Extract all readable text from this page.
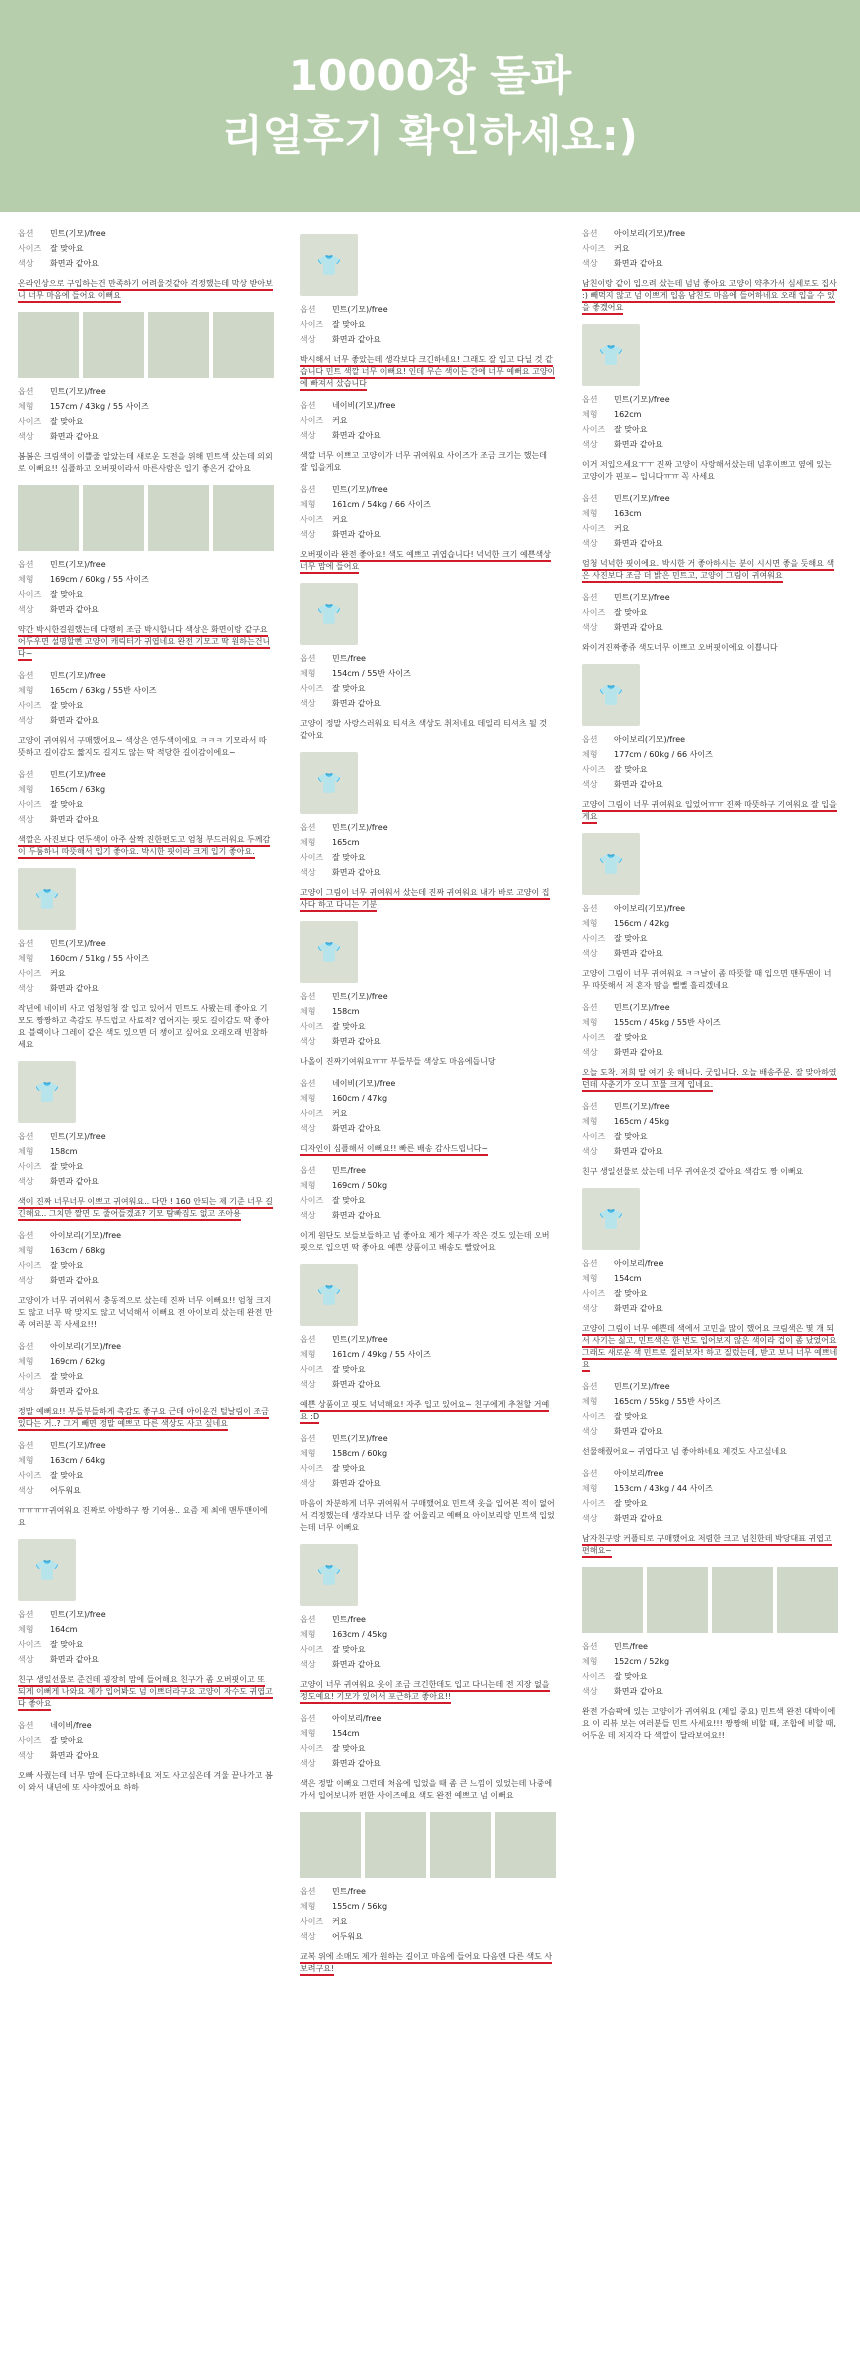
10000장 돌파
리얼후기 확인하세요:)
옵션	민트(기모)/free
사이즈	잘 맞아요
색상	화면과 같아요
온라인상으로 구입하는건 만족하기 어려울것같아 걱정했는데 막상 받아보니 너무 마음에 들어요 이뻐요
옵션	민트(기모)/free
체형	157cm / 43kg / 55 사이즈
사이즈	잘 맞아요
색상	화면과 같아요
봄봄은 크림색이 이쁠줄 알았는데 새로운 도전을 위해 민트색 샀는데 의외로 이뻐요!! 심플하고 오버핏이라서 마른사람은 입기 좋은거 같아요
옵션	민트(기모)/free
체형	169cm / 60kg / 55 사이즈
사이즈	잘 맞아요
색상	화면과 같아요
약간 박시한걸원했는데 다행히 조금 박시합니다 색상은 화면이랑 같구요 어두우면 설명할뻔 고양이 캐릭터가 귀엽네요 완전 기모고 딱 원하는건니다~
옵션	민트(기모)/free
체형	165cm / 63kg / 55반 사이즈
사이즈	잘 맞아요
색상	화면과 같아요
고양이 귀여워서 구매했어요~ 색상은 연두색이에요 ㅋㅋㅋ 기모라서 따뜻하고 길이감도 짧지도 길지도 않는 딱 적당한 길이감이에요~
옵션	민트(기모)/free
체형	165cm / 63kg
사이즈	잘 맞아요
색상	화면과 같아요
색깔은 사진보다 연두색이 아주 살짝 진한편도고 엄청 부드러워요 두께감이 두툼하니 따뜻해서 입기 좋아요. 박시한 핏이라 크게 입기 좋아요.
👕
옵션	민트(기모)/free
체형	160cm / 51kg / 55 사이즈
사이즈	커요
색상	화면과 같아요
작년에 네이비 사고 엄청엄청 잘 입고 있어서 민트도 사봤는데 좋아요 기모도 짱짱하고 촉감도 부드럽고 사료적? 엽어지는 핏도 길이감도 딱 좋아요 블랙이나 그레이 같은 색도 있으면 더 챙이고 싶어요 오래오래 빈참하세요
👕
옵션	민트(기모)/free
체형	158cm
사이즈	잘 맞아요
색상	화면과 같아요
색이 진짜 너무너무 이쁘고 귀여워요.. 다만 ! 160 안되는 제 기준 너무 길긴해요.. 그치만 짤면 도 줄어들겠죠? 기모 탐빠짐도 없고 조아용
옵션	아이보리(기모)/free
체형	163cm / 68kg
사이즈	잘 맞아요
색상	화면과 같아요
고양이가 너무 귀여워서 충동적으로 샀는데 진짜 너무 이뻐요!! 엄청 크지도 않고 너무 딱 맞지도 않고 넉넉해서 이뻐요 전 아이보리 샀는데 완전 만족 여러분 꼭 사세요!!!
옵션	아이보리(기모)/free
체형	169cm / 62kg
사이즈	잘 맞아요
색상	화면과 같아요
정말 예뻐요!! 부들부들하게 촉감도 좋구요 근데 아이운건 털날림이 조금 있다는 거..? 그거 빼면 정말 예쁘고 다른 색상도 사고 싶네요
옵션	민트(기모)/free
체형	163cm / 64kg
사이즈	잘 맞아요
색상	어두워요
ㅠㅠㅠㅠ귀여워요 진짜로 아방하구 짱 기여용.. 요즘 제 최애 맨투맨이에요
👕
옵션	민트(기모)/free
체형	164cm
사이즈	잘 맞아요
색상	화면과 같아요
친구 생일선물로 준건데 굉장히 맘에 들어해요 친구가 좀 오버핏이고 또 되게 이뻐게 나와요 제가 입어봐도 넘 이쁘더라구요 고양이 자수도 귀엽고 다 좋아요
옵션	네이비/free
사이즈	잘 맞아요
색상	화면과 같아요
오빠 사줬는데 너무 맘에 든다고하네요 저도 사고싶은데 겨울 끝나가고 봄이 와서 내년에 또 사야겠어요 하하
👕
옵션	민트(기모)/free
사이즈	잘 맞아요
색상	화면과 같아요
박시해서 너무 좋았는데 생각보다 크긴하네요! 그래도 잘 입고 다닐 것 같습니다 민트 색깔 너무 이뻐요! 인데 무슨 색이든 간에 너무 예뻐요 고양이에 빠져서 샀습니다
옵션	네이비(기모)/free
사이즈	커요
색상	화면과 같아요
색깔 너무 이쁘고 고양이가 너무 귀여워요 사이즈가 조금 크기는 했는데 잘 입을게요
옵션	민트(기모)/free
체형	161cm / 54kg / 66 사이즈
사이즈	커요
색상	화면과 같아요
오버핏이라 완전 좋아요! 색도 예쁘고 귀엽습니다! 넉넉한 크기 예쁜색상 너무 맘에 들어요
👕
옵션	민트/free
체형	154cm / 55반 사이즈
사이즈	잘 맞아요
색상	화면과 같아요
고양이 정말 사랑스러워요 티셔츠 색상도 취저네요 데일리 티셔츠 될 것 같아요
👕
옵션	민트(기모)/free
체형	165cm
사이즈	잘 맞아요
색상	화면과 같아요
고양이 그림이 너무 귀여워서 샀는데 진짜 귀여워요 내가 바로 고양이 집사다 하고 다니는 기분
👕
옵션	민트(기모)/free
체형	158cm
사이즈	잘 맞아요
색상	화면과 같아요
나올이 진짜기여워요ㅠㅠ 부들부들 색상도 마음에듭니당
옵션	네이비(기모)/free
체형	160cm / 47kg
사이즈	커요
색상	화면과 같아요
디자인이 심플해서 이뻐요!! 빠른 배송 감사드립니다~
옵션	민트/free
체형	169cm / 50kg
사이즈	잘 맞아요
색상	화면과 같아요
이게 원단도 보들보들하고 넘 좋아요 제가 체구가 작은 것도 있는데 오버핏으로 입으면 딱 좋아요 예쁜 상품이고 배송도 빨랐어요
👕
옵션	민트(기모)/free
체형	161cm / 49kg / 55 사이즈
사이즈	잘 맞아요
색상	화면과 같아요
예쁜 상품이고 핏도 넉넉해요! 자주 입고 있어요~ 친구에게 추천할 거예요 :D
옵션	민트(기모)/free
체형	158cm / 60kg
사이즈	잘 맞아요
색상	화면과 같아요
마음이 차분하게 너무 귀여워서 구매했어요 민트색 옷을 입어본 적이 없어서 걱정했는데 생각보다 너무 잘 어울리고 예뻐요 아이보리랑 민트색 입었는데 너무 이뻐요
👕
옵션	민트/free
체형	163cm / 45kg
사이즈	잘 맞아요
색상	화면과 같아요
고양이 너무 귀여워요 옷이 조금 크긴한데도 입고 다니는데 전 지장 없을 정도예요! 기모가 있어서 포근하고 좋아요!!
옵션	아이보리/free
체형	154cm
사이즈	잘 맞아요
색상	화면과 같아요
색은 정말 이뻐요 그런데 처음에 입었을 때 좀 큰 느낌이 있었는데 나중에 가서 입어보니까 편한 사이즈예요 색도 완전 예쁘고 넘 이뻐요
옵션	민트/free
체형	155cm / 56kg
사이즈	커요
색상	어두워요
교복 위에 소매도 제가 원하는 길이고 마음에 들어요 다음엔 다른 색도 사보려구요!
옵션	아이보리(기모)/free
사이즈	커요
색상	화면과 같아요
남친이랑 같이 입으려 샀는데 넘넘 좋아요 고양이 약추가서 심세로도 집사 :) 빼먹지 않고 넘 이쁘게 입음 남친도 마음에 들어하네요 오래 입을 수 있을 좋겠어요
👕
옵션	민트(기모)/free
체형	162cm
사이즈	잘 맞아요
색상	화면과 같아요
이거 저입으세요ㅜㅜ 진짜 고양이 사랑해서샀는데 넘후이쁘고 옆에 있는 고양이가 핀포~ 입니다ㅠㅠ 꼭 사세요
옵션	민트(기모)/free
체형	163cm
사이즈	커요
색상	화면과 같아요
엄청 넉넉한 핏이에요. 박시한 거 좋아하시는 분이 시시면 좋을 듯해요 색은 사진보다 조금 더 밝은 민트고, 고양이 그림이 귀여워요
옵션	민트(기모)/free
사이즈	잘 맞아요
색상	화면과 같아요
와이겨진짜좋쥬 색도너무 이쁘고 오버핏이에요 이쁩니다
👕
옵션	아이보리(기모)/free
체형	177cm / 60kg / 66 사이즈
사이즈	잘 맞아요
색상	화면과 같아요
고양이 그림이 너무 귀여워요 입었어ㅠㅠ 진짜 따뜻하구 기여워요 잘 입을게요
👕
옵션	아이보리(기모)/free
체형	156cm / 42kg
사이즈	잘 맞아요
색상	화면과 같아요
고양이 그림이 너무 귀여워요 ㅋㅋ날이 좀 따뜻할 때 입으면 맨투맨이 너무 따뜻해서 저 혼자 땀을 뻘뻘 흘리겠네요
옵션	민트(기모)/free
체형	155cm / 45kg / 55반 사이즈
사이즈	잘 맞아요
색상	화면과 같아요
오늘 도착. 저희 딸 여기 옷 해니다. 굿입니다. 오늘 배송주문. 잘 맞아하였던데 사춘기가 오니 꼬물 크게 입네요.
옵션	민트(기모)/free
체형	165cm / 45kg
사이즈	잘 맞아요
색상	화면과 같아요
친구 생일선물로 샀는데 너무 귀여운것 같아요 색감도 짱 이뻐요
👕
옵션	아이보리/free
체형	154cm
사이즈	잘 맞아요
색상	화면과 같아요
고양이 그림이 너무 예쁜데 색에서 고민을 많이 했어요 크림색은 몇 개 되서 사기는 싫고, 민트색은 한 번도 입어보지 않은 색이라 겁이 좀 났었어요 그래도 새로운 색 민트로 질러보자! 하고 질렀는데, 받고 보니 너무 예쁘네요
옵션	민트(기모)/free
체형	165cm / 55kg / 55반 사이즈
사이즈	잘 맞아요
색상	화면과 같아요
선물해줬어요~ 귀엽다고 넘 좋아하네요 제것도 사고싶네요
옵션	아이보리/free
체형	153cm / 43kg / 44 사이즈
사이즈	잘 맞아요
색상	화면과 같아요
남자친구랑 커플티로 구매했어요 저렴한 크고 넘친한데 박당대표 귀엽고 편해요~
옵션	민트/free
체형	152cm / 52kg
사이즈	잘 맞아요
색상	화면과 같아요
완전 가슴팍에 있는 고양이가 귀여워요 (제일 중요) 민트색 완전 대박이에요 이 리뷰 보는 여러분들 민트 사세요!!! 짱짱해 비할 때, 조합에 비할 때, 어두운 데 저지각 다 색깔이 달라보여요!!
